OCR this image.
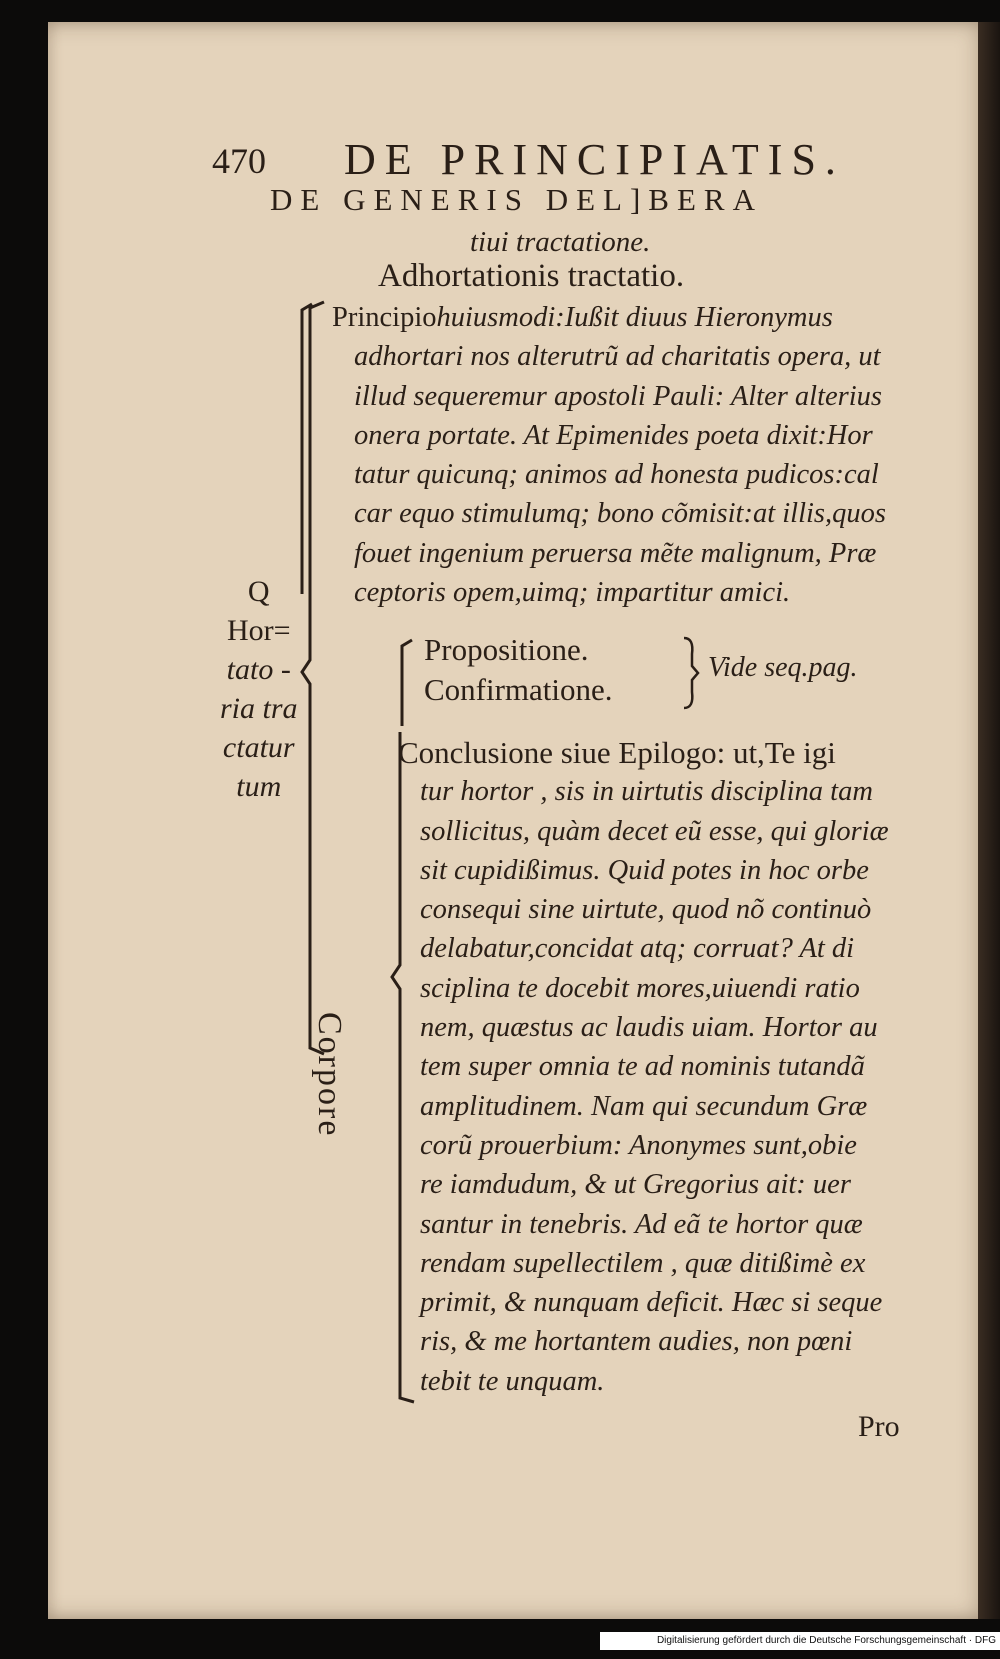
470 DE PRINCIPIATIS.
DE GENERIS DEL]BERA
tiui tractatione.
Adhortationis tractatio.
Principiohuiusmodi:Iußit diuus Hieronymus
adhortari nos alterutrũ ad charitatis opera, ut
illud sequeremur apostoli Pauli: Alter alterius
onera portate. At Epimenides poeta dixit:Hor
tatur quicunq; animos ad honesta pudicos:cal
car equo stimulumq; bono cõmisit:at illis,quos
fouet ingenium peruersa mẽte malignum, Præ
ceptoris opem,uimq; impartitur amici.
Q
Hor=
tato -
ria tra
ctatur
tum
Propositione.
Confirmatione.
Vide seq.pag.
Corpore
Conclusione siue Epilogo: ut,Te igi
tur hortor , sis in uirtutis disciplina tam
sollicitus, quàm decet eũ esse, qui gloriæ
sit cupidißimus. Quid potes in hoc orbe
consequi sine uirtute, quod nõ continuò
delabatur,concidat atq; corruat? At di
sciplina te docebit mores,uiuendi ratio
nem, quæstus ac laudis uiam. Hortor au
tem super omnia te ad nominis tutandã
amplitudinem. Nam qui secundum Græ
corũ prouerbium: Anonymes sunt,obie
re iamdudum, & ut Gregorius ait: uer
santur in tenebris. Ad eã te hortor quæ
rendam supellectilem , quæ ditißimè ex
primit, & nunquam deficit. Hæc si seque
ris, & me hortantem audies, non pœni
tebit te unquam.
Pro
Digitalisierung gefördert durch die Deutsche Forschungsgemeinschaft · DFG
